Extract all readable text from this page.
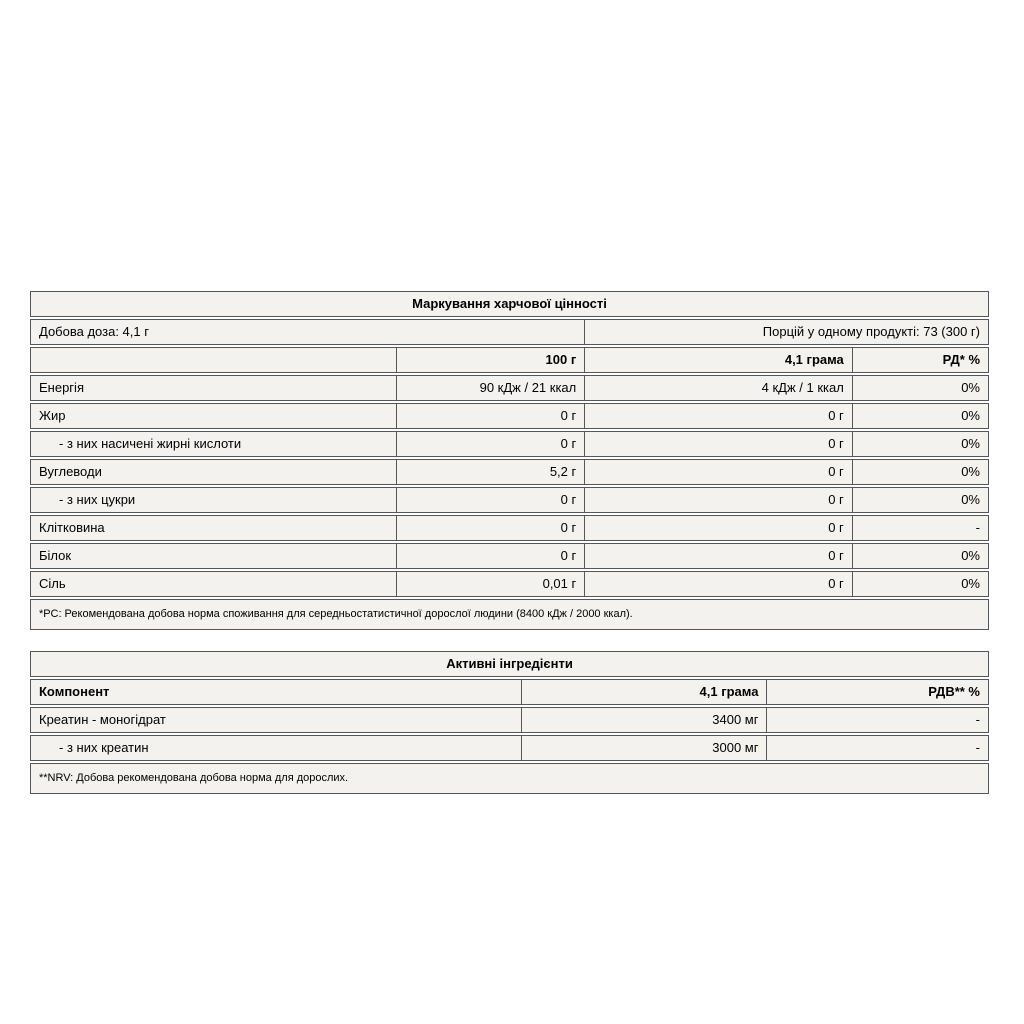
Маркування харчової цінності			
Добова доза: 4,1 г		Порцій у одному продукті: 73 (300 г)	
	100 г	4,1 грама	РД* %
Енергія	90 кДж / 21 ккал	4 кДж / 1 ккал	0%
Жир	0 г	0 г	0%
- з них насичені жирні кислоти	0 г	0 г	0%
Вуглеводи	5,2 г	0 г	0%
- з них цукри	0 г	0 г	0%
Клітковина	0 г	0 г	-
Білок	0 г	0 г	0%
Сіль	0,01 г	0 г	0%
*РС: Рекомендована добова норма споживання для середньостатистичної дорослої людини (8400 кДж / 2000 ккал).			
Активні інгредієнти		
Компонент	4,1 грама	РДВ** %
Креатин - моногідрат	3400 мг	-
- з них креатин	3000 мг	-
**NRV: Добова рекомендована добова норма для дорослих.		
